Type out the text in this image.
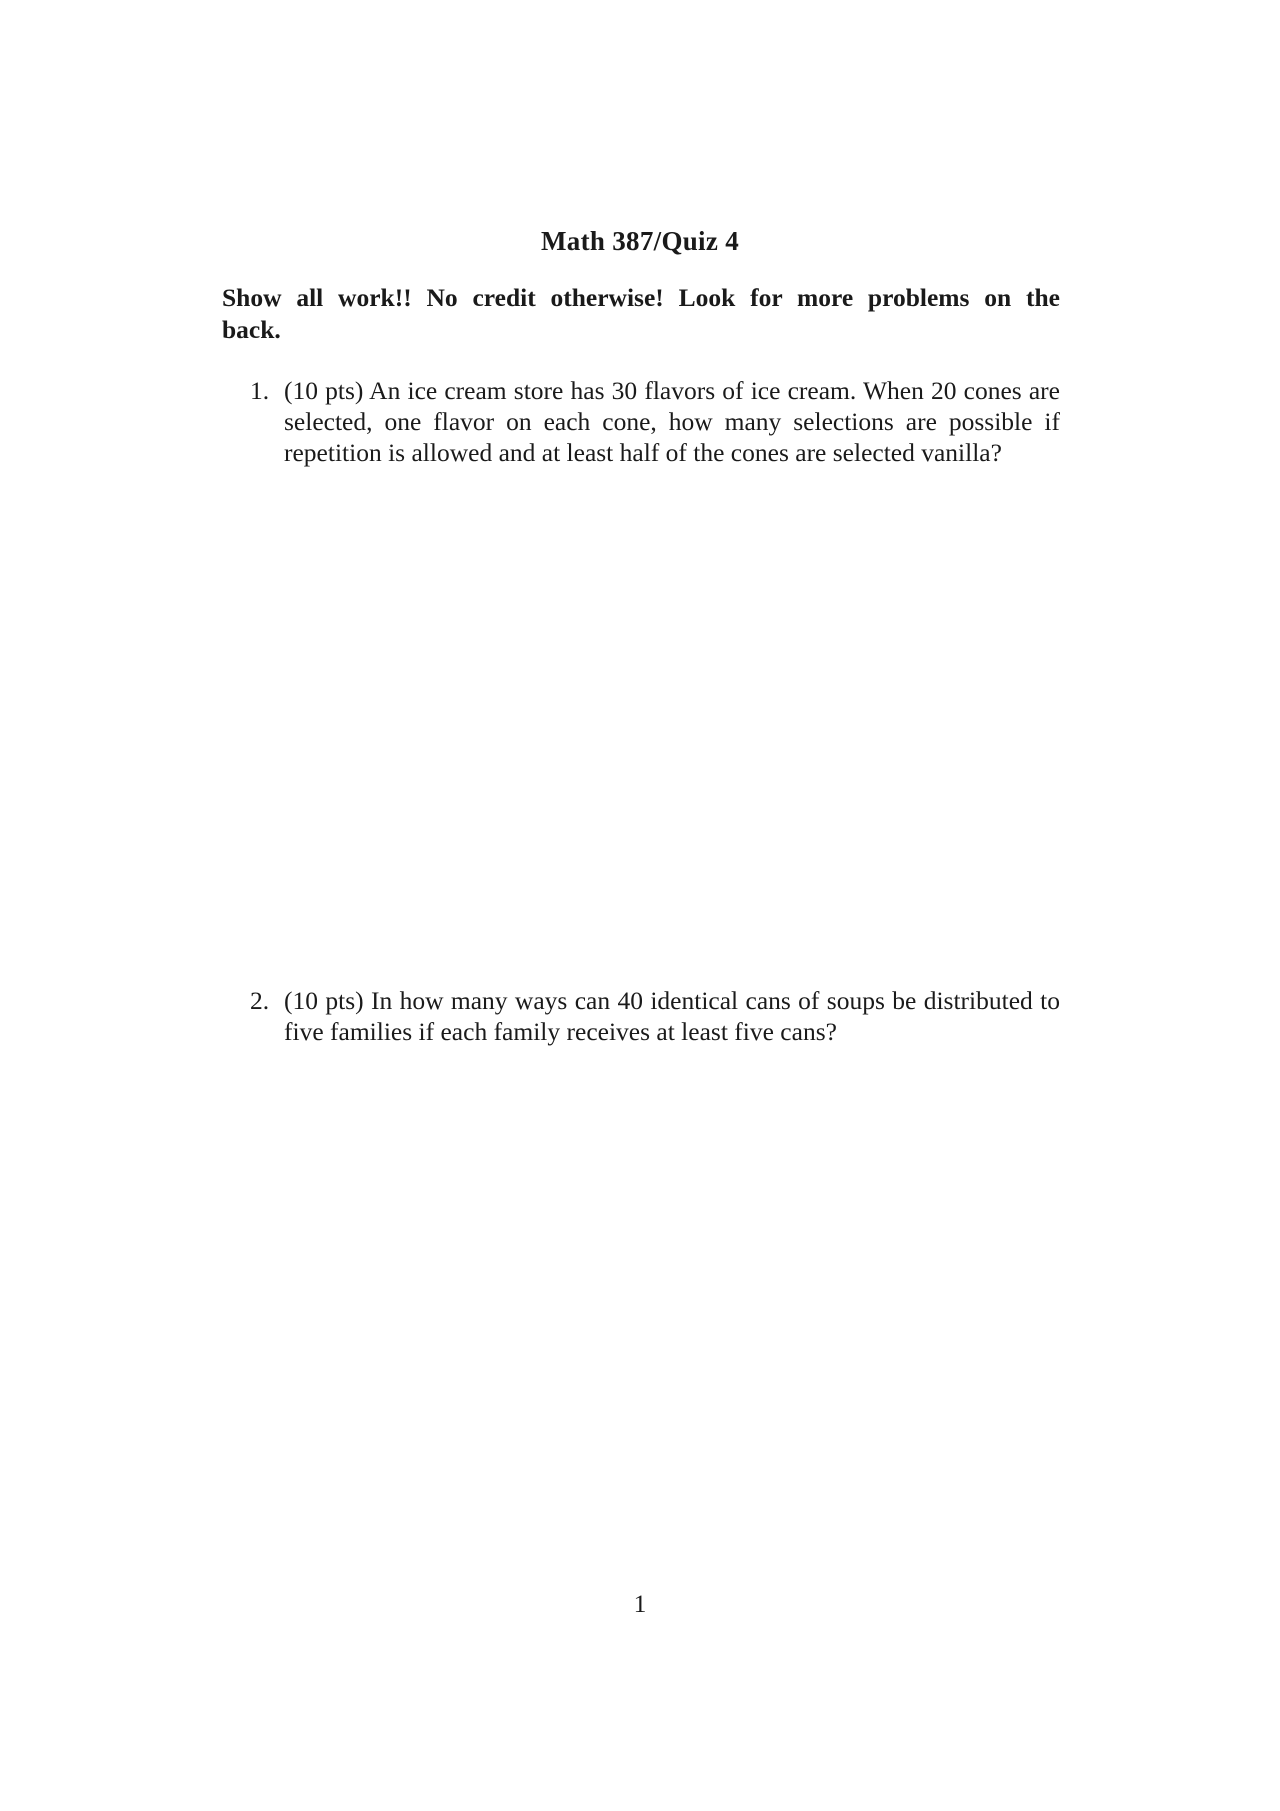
Math 387/Quiz 4
Show all work!! No credit otherwise! Look for more problems on the back.
1. (10 pts) An ice cream store has 30 flavors of ice cream. When 20 cones are selected, one flavor on each cone, how many selections are possible if repetition is allowed and at least half of the cones are selected vanilla?
2. (10 pts) In how many ways can 40 identical cans of soups be distributed to five families if each family receives at least five cans?
1
